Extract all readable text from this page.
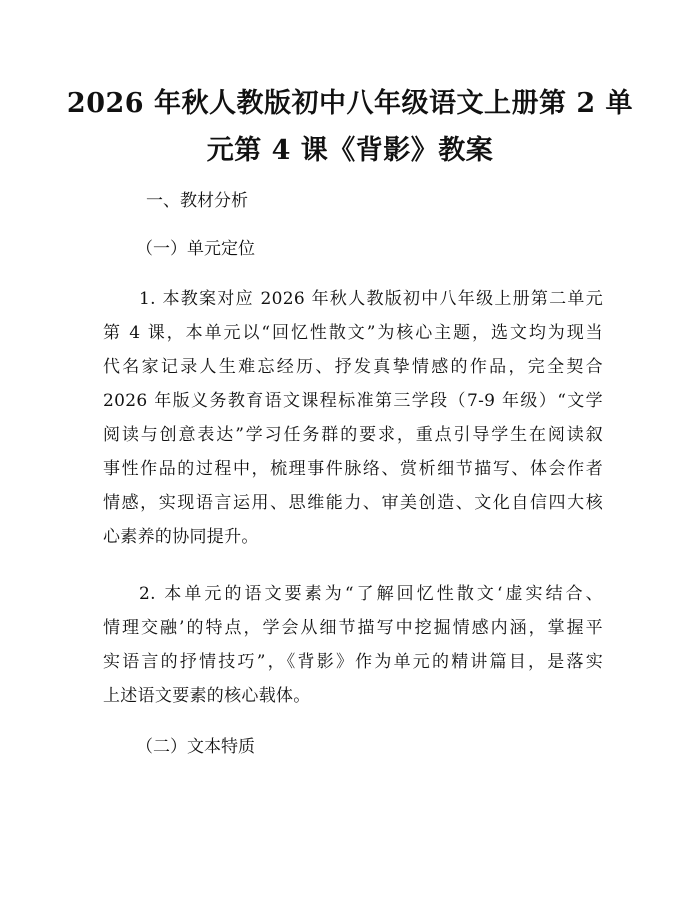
2026 年秋人教版初中八年级语文上册第 2 单
元第 4 课《背影》教案
一、教材分析
（一）单元定位
1. 本教案对应 2026 年秋人教版初中八年级上册第二单元
第 4 课，本单元以“回忆性散文”为核心主题，选文均为现当
代名家记录人生难忘经历、抒发真挚情感的作品，完全契合
2026 年版义务教育语文课程标准第三学段（7-9 年级）“文学
阅读与创意表达”学习任务群的要求，重点引导学生在阅读叙
事性作品的过程中，梳理事件脉络、赏析细节描写、体会作者
情感，实现语言运用、思维能力、审美创造、文化自信四大核
心素养的协同提升。
2. 本单元的语文要素为“了解回忆性散文‘虚实结合、
情理交融’的特点，学会从细节描写中挖掘情感内涵，掌握平
实语言的抒情技巧”，《背影》作为单元的精讲篇目，是落实
上述语文要素的核心载体。
（二）文本特质
